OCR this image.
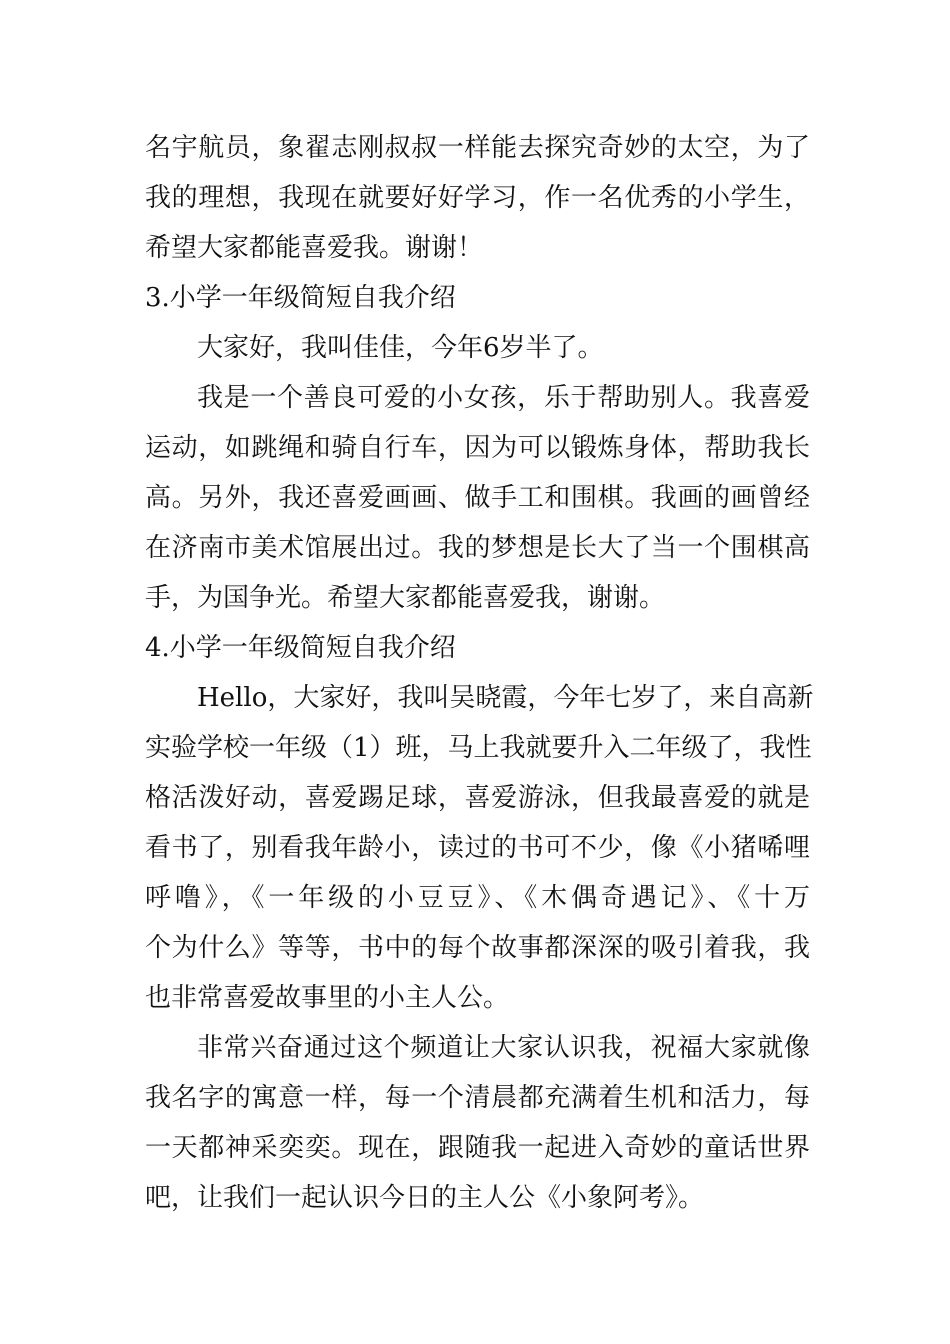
名宇航员，象翟志刚叔叔一样能去探究奇妙的太空，为了
我的理想，我现在就要好好学习，作一名优秀的小学生，
希望大家都能喜爱我。谢谢！
3.小学一年级简短自我介绍
大家好，我叫佳佳，今年6岁半了。
我是一个善良可爱的小女孩，乐于帮助别人。我喜爱
运动，如跳绳和骑自行车，因为可以锻炼身体，帮助我长
高。另外，我还喜爱画画、做手工和围棋。我画的画曾经
在济南市美术馆展出过。我的梦想是长大了当一个围棋高
手，为国争光。希望大家都能喜爱我，谢谢。
4.小学一年级简短自我介绍
Hello，大家好，我叫吴晓霞，今年七岁了，来自高新
实验学校一年级（1）班，马上我就要升入二年级了，我性
格活泼好动，喜爱踢足球，喜爱游泳，但我最喜爱的就是
看书了，别看我年龄小，读过的书可不少，像《小猪唏哩
呼噜》，《一年级的小豆豆》、《木偶奇遇记》、《十万
个为什么》等等，书中的每个故事都深深的吸引着我，我
也非常喜爱故事里的小主人公。
非常兴奋通过这个频道让大家认识我，祝福大家就像
我名字的寓意一样，每一个清晨都充满着生机和活力，每
一天都神采奕奕。现在，跟随我一起进入奇妙的童话世界
吧，让我们一起认识今日的主人公《小象阿考》。
